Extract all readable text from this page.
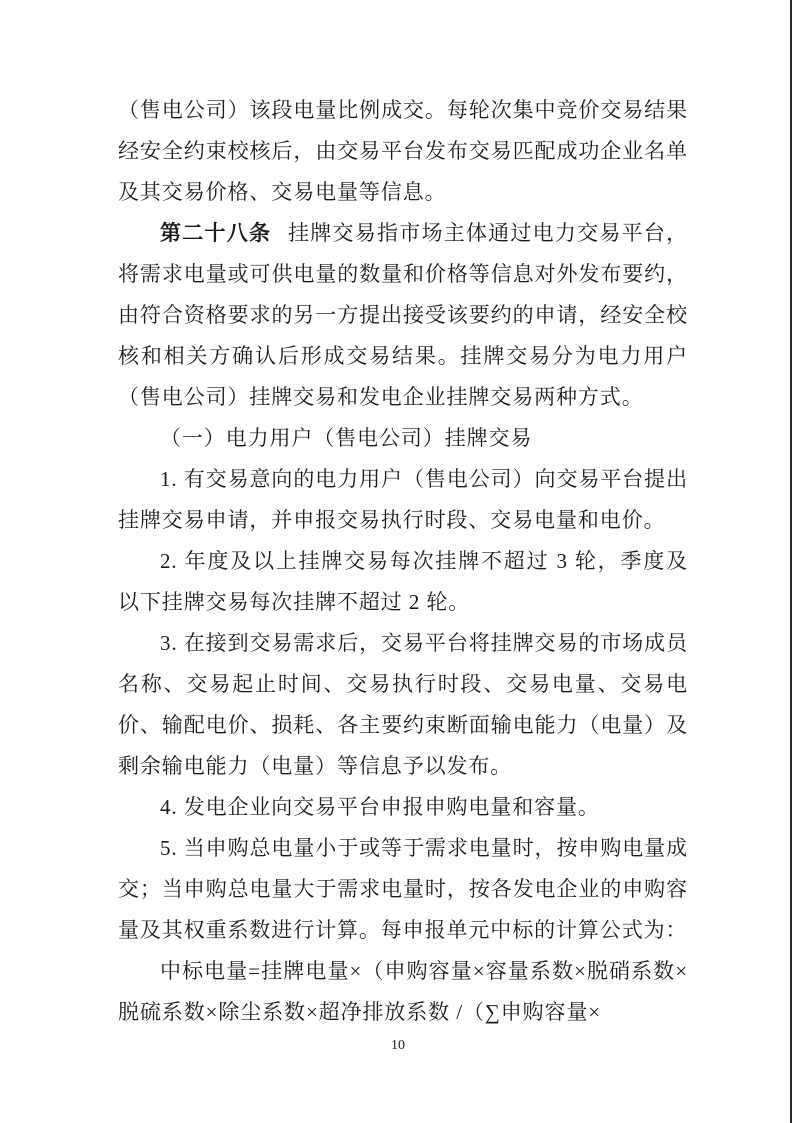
（售电公司）该段电量比例成交。每轮次集中竞价交易结果经安全约束校核后，由交易平台发布交易匹配成功企业名单及其交易价格、交易电量等信息。

第二十八条 挂牌交易指市场主体通过电力交易平台，将需求电量或可供电量的数量和价格等信息对外发布要约，由符合资格要求的另一方提出接受该要约的申请，经安全校核和相关方确认后形成交易结果。挂牌交易分为电力用户（售电公司）挂牌交易和发电企业挂牌交易两种方式。

（一）电力用户（售电公司）挂牌交易

1. 有交易意向的电力用户（售电公司）向交易平台提出挂牌交易申请，并申报交易执行时段、交易电量和电价。

2. 年度及以上挂牌交易每次挂牌不超过 3 轮，季度及以下挂牌交易每次挂牌不超过 2 轮。

3. 在接到交易需求后，交易平台将挂牌交易的市场成员名称、交易起止时间、交易执行时段、交易电量、交易电价、输配电价、损耗、各主要约束断面输电能力（电量）及剩余输电能力（电量）等信息予以发布。

4. 发电企业向交易平台申报申购电量和容量。

5. 当申购总电量小于或等于需求电量时，按申购电量成交；当申购总电量大于需求电量时，按各发电企业的申购容量及其权重系数进行计算。每申报单元中标的计算公式为：

中标电量=挂牌电量×（申购容量×容量系数×脱硝系数×脱硫系数×除尘系数×超净排放系数 /（∑申购容量×

10
